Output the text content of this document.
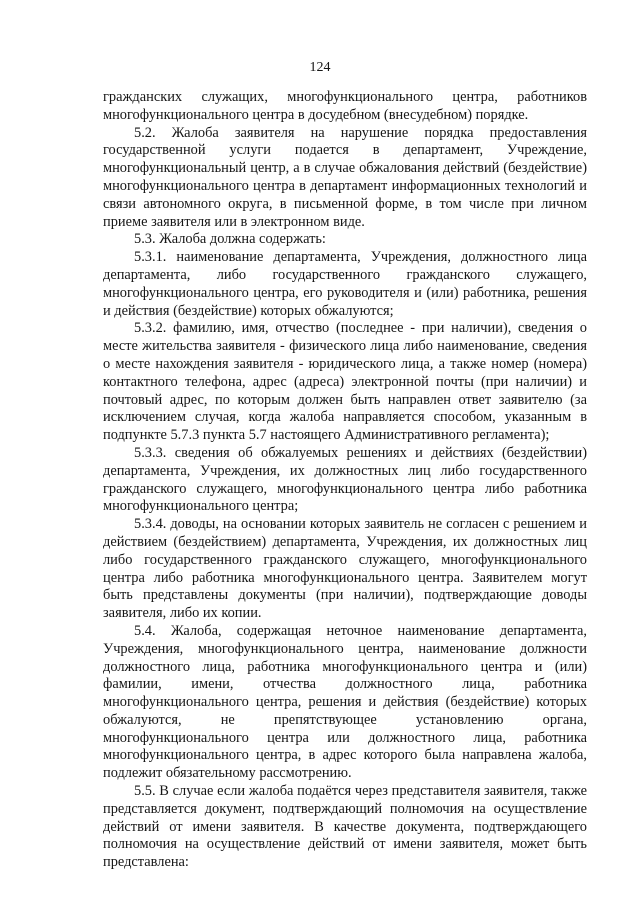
124

гражданских служащих, многофункционального центра, работников многофункционального центра в досудебном (внесудебном) порядке.

5.2. Жалоба заявителя на нарушение порядка предоставления государственной услуги подается в департамент, Учреждение, многофункциональный центр, а в случае обжалования действий (бездействие) многофункционального центра в департамент информационных технологий и связи автономного округа, в письменной форме, в том числе при личном приеме заявителя или в электронном виде.

5.3. Жалоба должна содержать:

5.3.1. наименование департамента, Учреждения, должностного лица департамента, либо государственного гражданского служащего, многофункционального центра, его руководителя и (или) работника, решения и действия (бездействие) которых обжалуются;

5.3.2. фамилию, имя, отчество (последнее - при наличии), сведения о месте жительства заявителя - физического лица либо наименование, сведения о месте нахождения заявителя - юридического лица, а также номер (номера) контактного телефона, адрес (адреса) электронной почты (при наличии) и почтовый адрес, по которым должен быть направлен ответ заявителю (за исключением случая, когда жалоба направляется способом, указанным в подпункте 5.7.3 пункта 5.7 настоящего Административного регламента);

5.3.3. сведения об обжалуемых решениях и действиях (бездействии) департамента, Учреждения, их должностных лиц либо государственного гражданского служащего, многофункционального центра либо работника многофункционального центра;

5.3.4. доводы, на основании которых заявитель не согласен с решением и действием (бездействием) департамента, Учреждения, их должностных лиц либо государственного гражданского служащего, многофункционального центра либо работника многофункционального центра. Заявителем могут быть представлены документы (при наличии), подтверждающие доводы заявителя, либо их копии.

5.4. Жалоба, содержащая неточное наименование департамента, Учреждения, многофункционального центра, наименование должности должностного лица, работника многофункционального центра и (или) фамилии, имени, отчества должностного лица, работника многофункционального центра, решения и действия (бездействие) которых обжалуются, не препятствующее установлению органа, многофункционального центра или должностного лица, работника многофункционального центра, в адрес которого была направлена жалоба, подлежит обязательному рассмотрению.

5.5. В случае если жалоба подаётся через представителя заявителя, также представляется документ, подтверждающий полномочия на осуществление действий от имени заявителя. В качестве документа, подтверждающего полномочия на осуществление действий от имени заявителя, может быть представлена:
